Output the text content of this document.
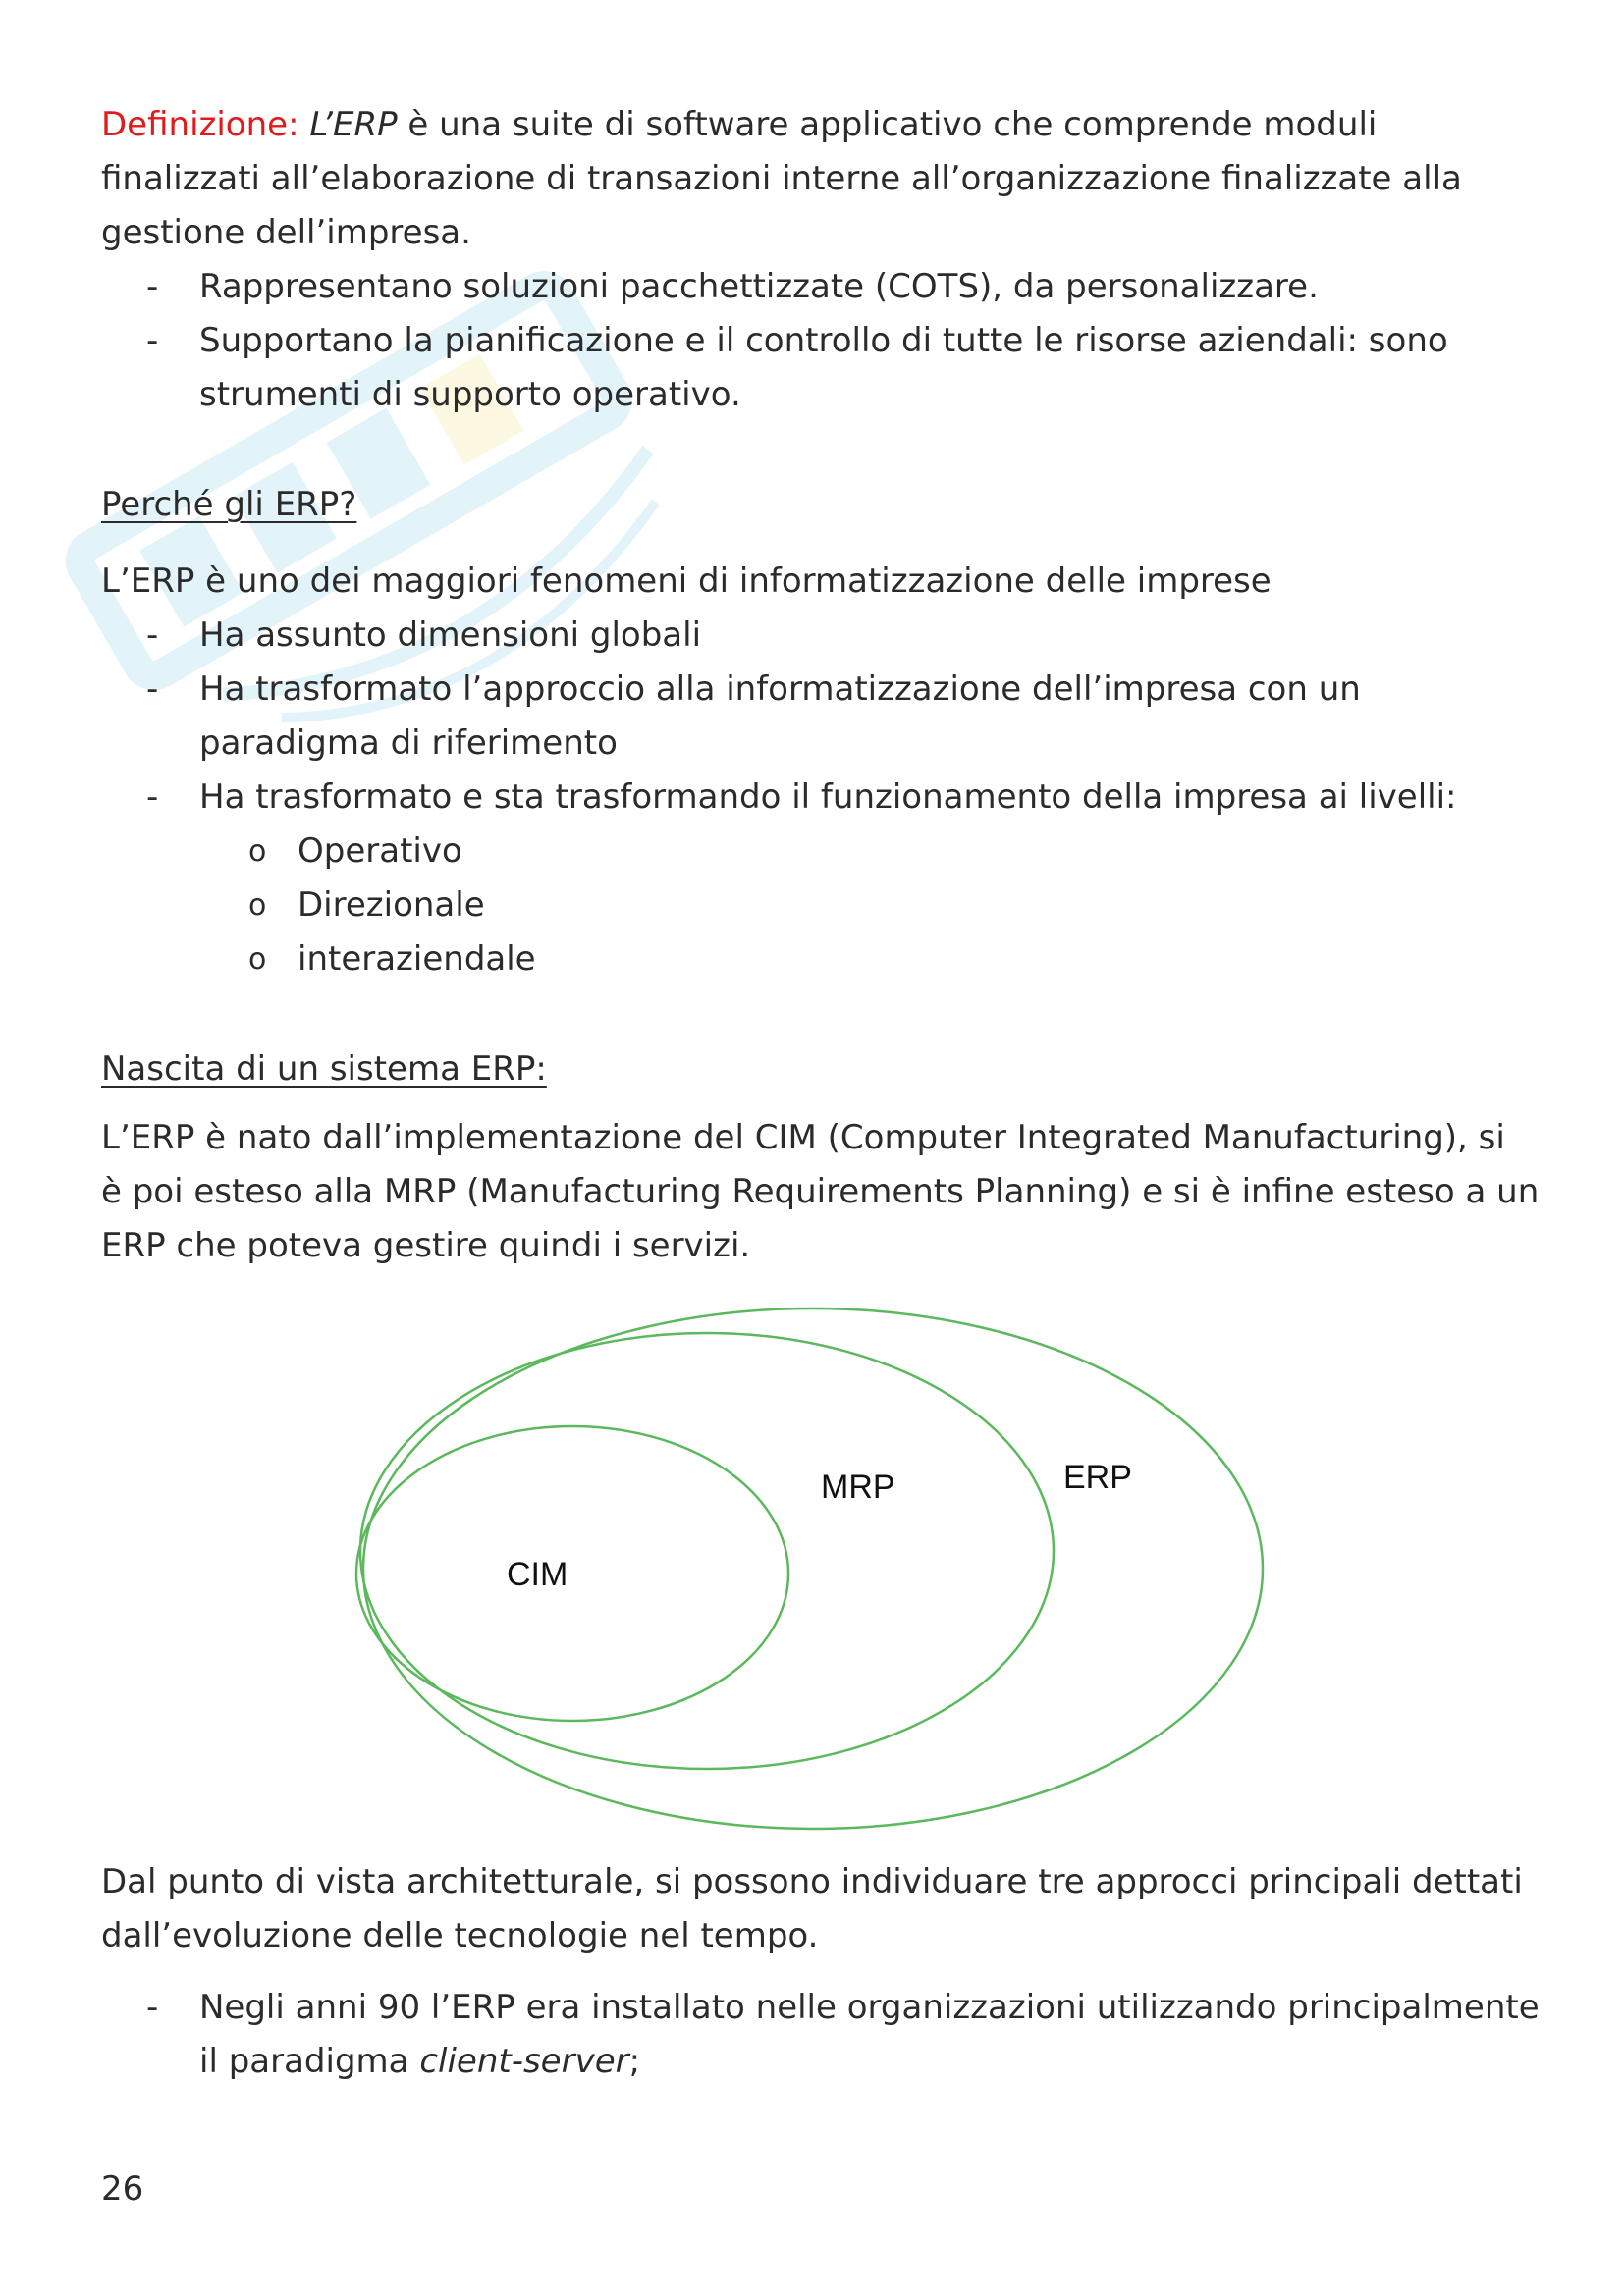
Definizione: L’ERP è una suite di software applicativo che comprende moduli
finalizzati all’elaborazione di transazioni interne all’organizzazione finalizzate alla
gestione dell’impresa.
- Rappresentano soluzioni pacchettizzate (COTS), da personalizzare.
- Supportano la pianificazione e il controllo di tutte le risorse aziendali: sono
strumenti di supporto operativo.
Perché gli ERP?
L’ERP è uno dei maggiori fenomeni di informatizzazione delle imprese
- Ha assunto dimensioni globali
- Ha trasformato l’approccio alla informatizzazione dell’impresa con un
paradigma di riferimento
- Ha trasformato e sta trasformando il funzionamento della impresa ai livelli:
o Operativo
o Direzionale
o interaziendale
Nascita di un sistema ERP:
L’ERP è nato dall’implementazione del CIM (Computer Integrated Manufacturing), si
è poi esteso alla MRP (Manufacturing Requirements Planning) e si è infine esteso a un
ERP che poteva gestire quindi i servizi.
CIM
MRP	ERP
Dal punto di vista architetturale, si possono individuare tre approcci principali dettati
dall’evoluzione delle tecnologie nel tempo.
- Negli anni 90 l’ERP era installato nelle organizzazioni utilizzando principalmente
il paradigma client-server;
26
